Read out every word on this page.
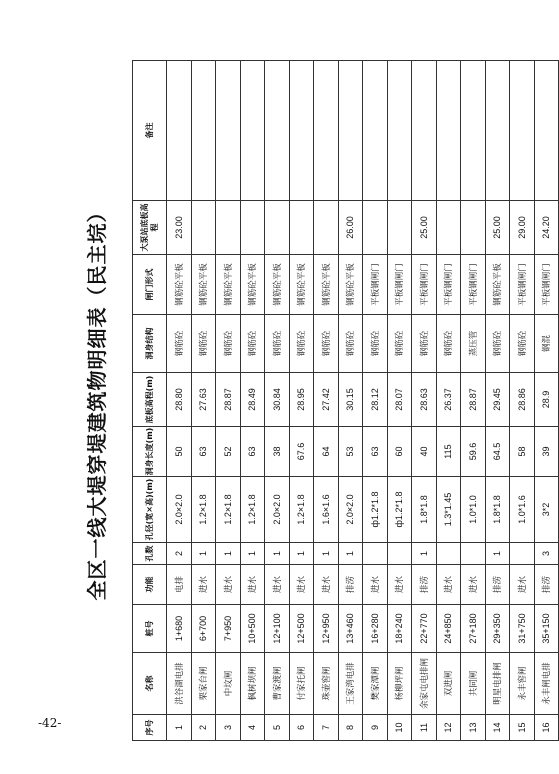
-42-
全区一线大堤穿堤建筑物明细表（民主垸）
序号	名称	桩号	功能	孔数	孔径(宽×高)(m)	洞身长度(m)	底板高程(m)	洞身结构	闸门形式	大泵站底板高程	备注
1	洪谷湖电排	1+680	电排	2	2.0×2.0	50	28.80	钢筋砼	钢筋砼平板	23.00	
2	栗家台闸	6+700	进水	1	1.2×1.8	63	27.63	钢筋砼	钢筋砼平板		
3	中坟闸	7+950	进水	1	1.2×1.8	52	28.87	钢筋砼	钢筋砼平板		
4	枫树坝闸	10+500	进水	1	1.2×1.8	63	28.49	钢筋砼	钢筋砼平板		
5	曹家渡闸	12+100	进水	1	2.0×2.0	38	30.84	钢筋砼	钢筋砼平板		
6	付家托闸	12+500	进水	1	1.2×1.8	67.6	28.95	钢筋砼	钢筋砼平板		
7	珠壶窖闸	12+950	进水	1	1.6×1.6	64	27.42	钢筋砼	钢筋砼平板		
8	王家湾电排	13+460	排涝	1	2.0×2.0	53	30.15	钢筋砼	钢筋砼平板	26.00	
9	樊家潭闸	16+280	进水		ф1.2*1.8	63	28.12	钢筋砼	平板钢闸门		
10	杨柳坪闸	18+240	进水		ф1.2*1.8	60	28.07	钢筋砼	平板钢闸门		
11	余家屯电排闸	22+770	排涝	1	1.8*1.8	40	28.63	钢筋砼	平板钢闸门	25.00	
12	双进闸	24+850	进水		1.3*1.45	115	26.37	钢筋砼	平板钢闸门		
13	共同闸	27+180	进水		1.0*1.0	59.6	28.87	蒸压管	平板钢闸门		
14	明星电排闸	29+350	排涝	1	1.8*1.8	64.5	29.45	钢筋砼	钢筋砼平板	25.00	
15	永丰窖闸	31+750	进水		1.0*1.6	58	28.86	钢筋砼	平板钢闸门	29.00	
16	永丰闸电排	35+150	排涝	3	3*2	39	28.9	钢混	平板钢闸门	24.20	
